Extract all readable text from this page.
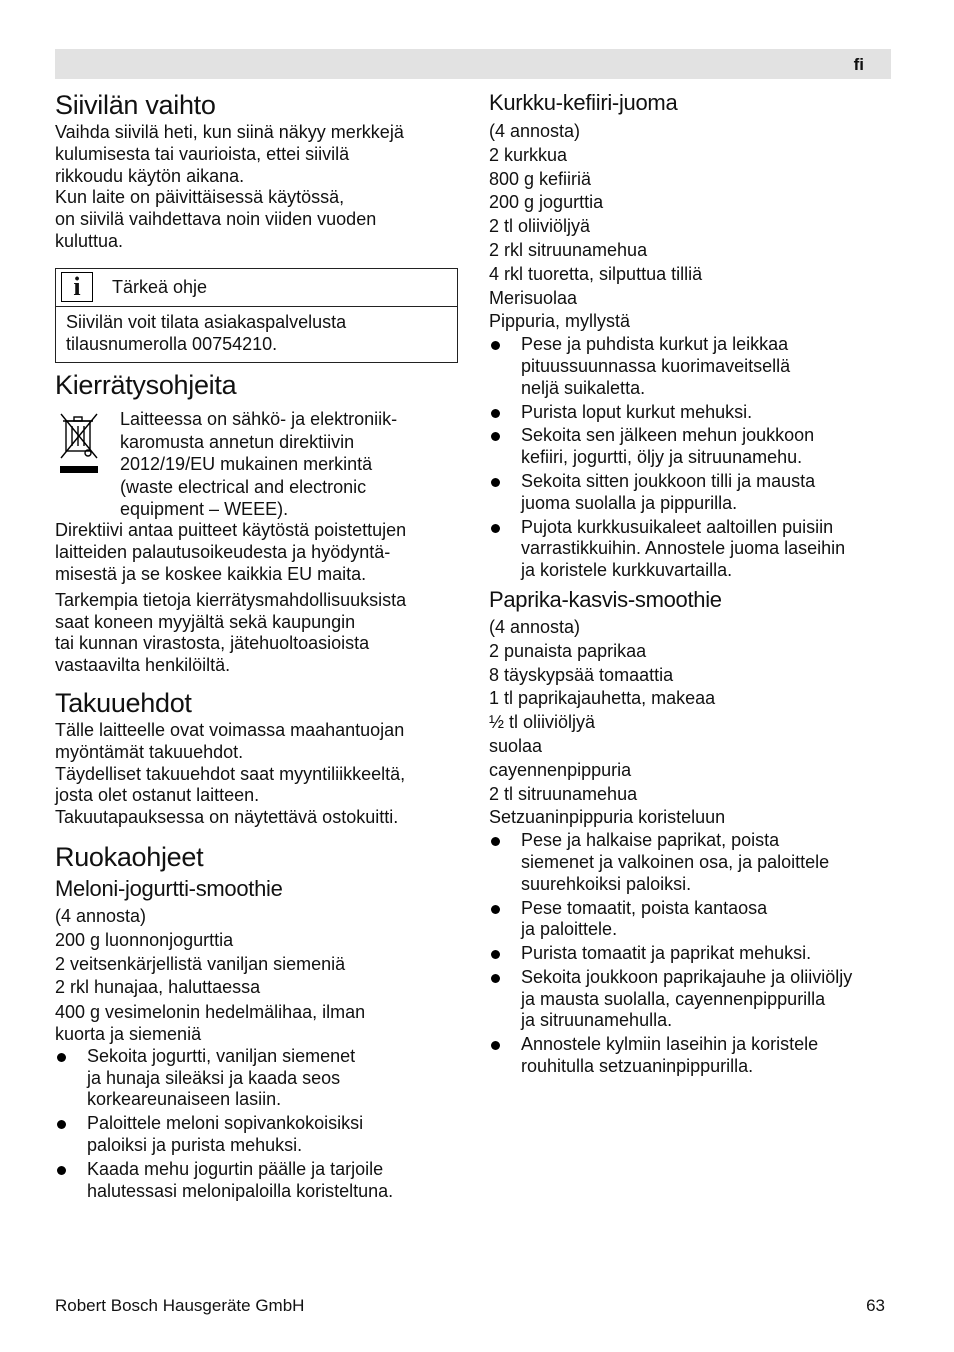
fi
Siivilän vaihto

Vaihda siivilä heti, kun siinä näkyy merkkejä

kulumisesta tai vaurioista, ettei siivilä

rikkoudu käytön aikana.

Kun laite on päivittäisessä käytössä,

on siivilä vaihdettava noin viiden vuoden

kuluttua.

i	Tärkeä ohje

Siivilän voit tilata asiakaspalvelusta

tilausnumerolla 00754210.

Kierrätysohjeita

Laitteessa on sähkö- ja elektroniik-

karomusta annetun direktiivin

2012/19/EU mukainen merkintä

(waste electrical and electronic

equipment – WEEE).

Direktiivi antaa puitteet käytöstä poistettujen

laitteiden palautusoikeudesta ja hyödyntä-

misestä ja se koskee kaikkia EU maita.

Tarkempia tietoja kierrätysmahdollisuuksista

saat koneen myyjältä sekä kaupungin

tai kunnan virastosta, jätehuoltoasioista

vastaavilta henkilöiltä.

Takuuehdot

Tälle laitteelle ovat voimassa maahantuojan

myöntämät takuuehdot.

Täydelliset takuuehdot saat myyntiliikkeeltä,

josta olet ostanut laitteen.

Takuutapauksessa on näytettävä ostokuitti.

Ruokaohjeet
Meloni-jogurtti-smoothie

(4 annosta)

200 g luonnonjogurttia

2 veitsenkärjellistä vaniljan siemeniä

2 rkl hunajaa, haluttaessa

400 g vesimelonin hedelmälihaa, ilman

kuorta ja siemeniä

Sekoita jogurtti, vaniljan siemenet
ja hunaja sileäksi ja kaada seos
korkeareunaiseen lasiin.
Paloittele meloni sopivankokoisiksi
paloiksi ja purista mehuksi.
Kaada mehu jogurtin päälle ja tarjoile
halutessasi melonipaloilla koristeltuna.
Kurkku-kefiiri-juoma

(4 annosta)

2 kurkkua

800 g kefiiriä

200 g jogurttia

2 tl oliiviöljyä

2 rkl sitruunamehua

4 rkl tuoretta, silputtua tilliä

Merisuolaa

Pippuria, myllystä

Pese ja puhdista kurkut ja leikkaa
pituussuunnassa kuorimaveitsellä
neljä suikaletta.
Purista loput kurkut mehuksi.
Sekoita sen jälkeen mehun joukkoon
kefiiri, jogurtti, öljy ja sitruunamehu.
Sekoita sitten joukkoon tilli ja mausta
juoma suolalla ja pippurilla.
Pujota kurkkusuikaleet aaltoillen puisiin
varrastikkuihin. Annostele juoma laseihin
ja koristele kurkkuvartailla.
Paprika-kasvis-smoothie

(4 annosta)

2 punaista paprikaa

8 täyskypsää tomaattia

1 tl paprikajauhetta, makeaa

½ tl oliiviöljyä

suolaa

cayennenpippuria

2 tl sitruunamehua

Setzuaninpippuria koristeluun

Pese ja halkaise paprikat, poista
siemenet ja valkoinen osa, ja paloittele
suurehkoiksi paloiksi.
Pese tomaatit, poista kantaosa
ja paloittele.
Purista tomaatit ja paprikat mehuksi.
Sekoita joukkoon paprikajauhe ja oliiviöljy
ja mausta suolalla, cayennenpippurilla
ja sitruunamehulla.
Annostele kylmiin laseihin ja koristele
rouhitulla setzuaninpippurilla.
Robert Bosch Hausgeräte GmbH	63
